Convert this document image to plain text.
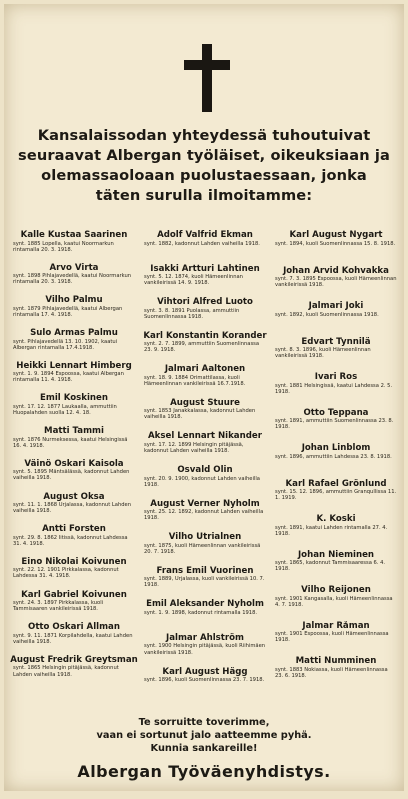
Kansalaissodan yhteydessä tuhoutuivat seuraavat Albergan työläiset, oikeuksiaan ja olemassaoloaan puolustaessaan, jonka täten surulla ilmoitamme:

Kalle Kustaa Saarinen
synt. 1885 Lopella, kaatui Noormarkun rintamalla 20. 3. 1918.
Arvo Virta
synt. 1898 Pihlajavedellä, kaatui Noormarkun rintamalla 20. 3. 1918.
Vilho Palmu
synt. 1879 Pihlajavedellä, kaatui Albergan rintamalla 17. 4. 1918.
Sulo Armas Palmu
synt. Pihlajavedellä 13. 10. 1902, kaatui Albergan rintamalla 17.4.1918.
Heikki Lennart Himberg
synt. 1. 9. 1894 Espoossa, kaatui Albergan rintamalla 11. 4. 1918.
Emil Koskinen
synt. 17. 12. 1877 Laukaalla, ammuttiin Huopalahden suolla 12. 4. 18.
Matti Tammi
synt. 1876 Nurmeksessa, kaatui Helsingissä 16. 4. 1918.
Väinö Oskari Kaisola
synt. 5. 1895 Mäntsälässä, kadonnut Lahden vaiheilla 1918.
August Oksa
synt. 11. 1. 1868 Urjalassa, kadonnut Lahden vaiheilla 1918.
Antti Forsten
synt. 29. 8. 1862 Iitissä, kadonnut Lahdessa 31. 4. 1918.
Eino Nikolai Koivunen
synt. 22. 12. 1901 Pirkkalassa, kadonnut Lahdessa 31. 4. 1918.
Karl Gabriel Koivunen
synt. 24. 3. 1897 Pirkkalassa, kuoli Tammisaaren vankileirissä 1918.
Otto Oskari Allman
synt. 9. 11. 1871 Korpilahdella, kaatui Lahden vaiheilla 1918.
August Fredrik Greytsman
synt. 1865 Helsingin pitäjässä, kadonnut Lahden vaiheilla 1918.
Adolf Valfrid Ekman
synt. 1882, kadonnut Lahden vaiheilla 1918.
Isakki Artturi Lahtinen
synt. 5. 12. 1874, kuoli Hämeenlinnan vankileirissä 14. 9. 1918.
Vihtori Alfred Luoto
synt. 3. 8. 1891 Puolassa, ammuttiin Suomenlinnassa 1918.
Karl Konstantin Korander
synt. 2. 7. 1899, ammuttiin Suomenlinnassa 23. 9. 1918.
Jalmari Aaltonen
synt. 18. 9. 1884 Orimattilassa, kuoli Hämeenlinnan vankileirissä 16.7.1918.
August Stuure
synt. 1853 Janakkalassa, kadonnut Lahden vaiheilla 1918.
Aksel Lennart Nikander
synt. 17. 12. 1899 Helsingin pitäjässä, kadonnut Lahden vaiheilla 1918.
Osvald Olin
synt. 20. 9. 1900, kadonnut Lahden vaiheilla 1918.
August Verner Nyholm
synt. 25. 12. 1892, kadonnut Lahden vaiheilla 1918.
Vilho Utrialnen
synt. 1875, kuoli Hämeenlinnan vankileirissä 20. 7. 1918.
Frans Emil Vuorinen
synt. 1889, Urjalassa, kuoli vankileirissä 10. 7. 1918.
Emil Aleksander Nyholm
synt. 1. 9. 1898, kadonnut rintamalla 1918.
Jalmar Ahlström
synt. 1900 Helsingin pitäjässä, kuoli Riihimäen vankileirissä 1918.
Karl August Hägg
synt. 1896, kuoli Suomenlinnassa 23. 7. 1918.
Karl August Nygart
synt. 1894, kuoli Suomenlinnassa 15. 8. 1918.
Johan Arvid Kohvakka
synt. 7. 3. 1895 Espoossa, kuoli Hämeenlinnan vankileirissä 1918.
Jalmari Joki
synt. 1892, kuoli Suomenlinnassa 1918.
Edvart Tynnilä
synt. 8. 3. 1896, kuoli Hämeenlinnan vankileirissä 1918.
Ivari Ros
synt. 1881 Helsingissä, kaatui Lahdessa 2. 5. 1918.
Otto Teppana
synt. 1891, ammuttiin Suomenlinnassa 23. 8. 1918.
Johan Linblom
synt. 1896, ammuttiin Lahdessa 23. 8. 1918.
Karl Rafael Grönlund
synt. 15. 12. 1896, ammuttiin Granqullissa 11. 1. 1919.
K. Koski
synt. 1891, kaatui Lahden rintamalla 27. 4. 1918.
Johan Nieminen
synt. 1865, kadonnut Tammisaaressa 6. 4. 1918.
Vilho Reijonen
synt. 1901 Kangasalla, kuoli Hämeenlinnassa 4. 7. 1918.
Jalmar Råman
synt. 1901 Espoossa, kuoli Hämeenlinnassa 1918.
Matti Numminen
synt. 1883 Nokiassa, kuoli Hämeenlinnassa 23. 6. 1918.
Te sorruitte toverimme,
vaan ei sortunut jalo aatteemme pyhä.
Kunnia sankareille!
Albergan Työväenyhdistys.
